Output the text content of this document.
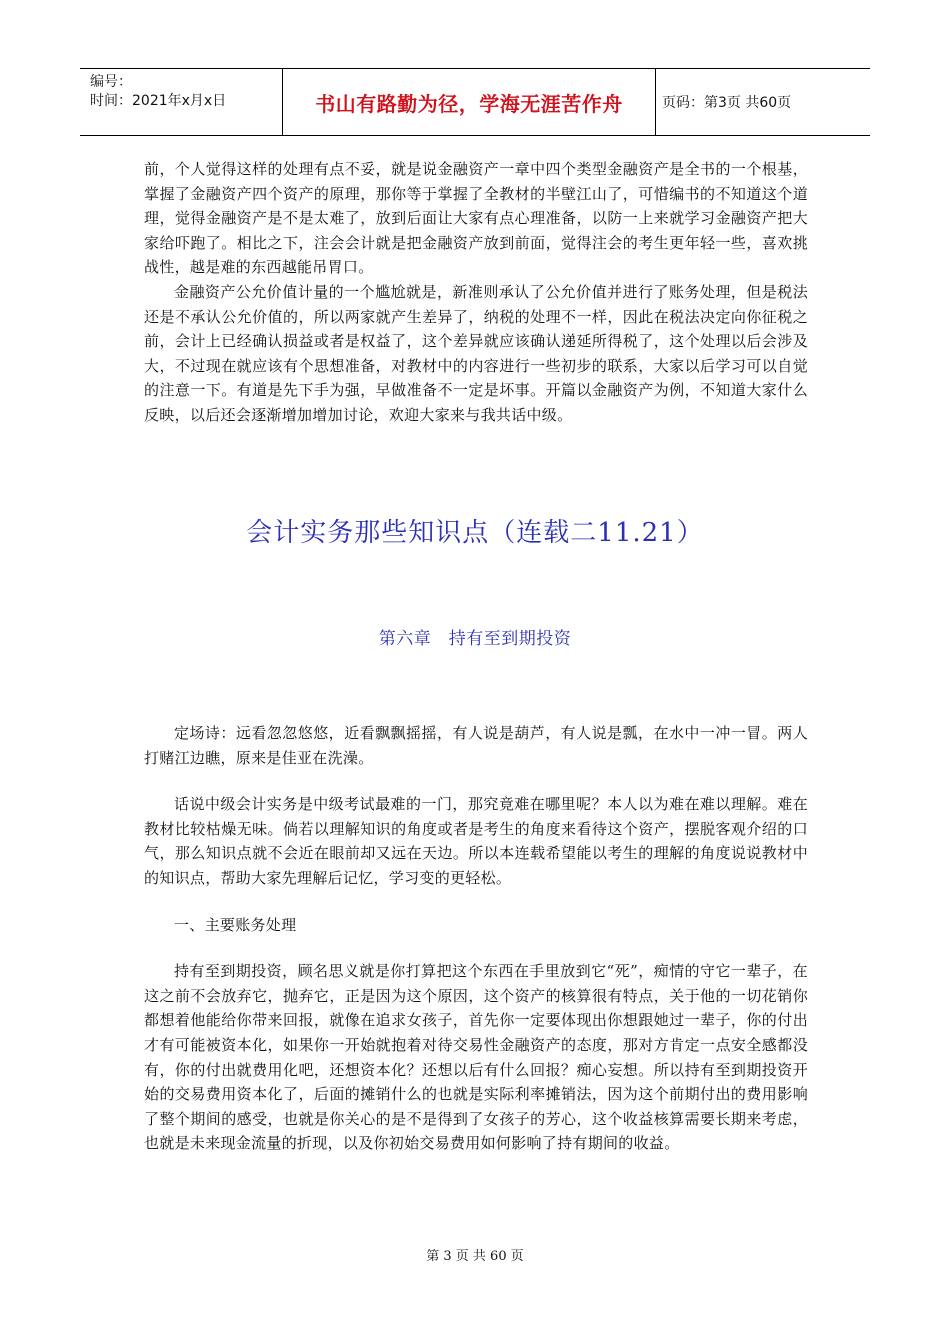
编号：
时间：2021年x月x日	书山有路勤为径，学海无涯苦作舟	页码：第3页 共60页

前，个人觉得这样的处理有点不妥，就是说金融资产一章中四个类型金融资产是全书的一个根基，掌握了金融资产四个资产的原理，那你等于掌握了全教材的半壁江山了，可惜编书的不知道这个道理，觉得金融资产是不是太难了，放到后面让大家有点心理准备，以防一上来就学习金融资产把大家给吓跑了。相比之下，注会会计就是把金融资产放到前面，觉得注会的考生更年轻一些，喜欢挑战性，越是难的东西越能吊胃口。

金融资产公允价值计量的一个尴尬就是，新准则承认了公允价值并进行了账务处理，但是税法还是不承认公允价值的，所以两家就产生差异了，纳税的处理不一样，因此在税法决定向你征税之前，会计上已经确认损益或者是权益了，这个差异就应该确认递延所得税了，这个处理以后会涉及大，不过现在就应该有个思想准备，对教材中的内容进行一些初步的联系，大家以后学习可以自觉的注意一下。有道是先下手为强，早做准备不一定是坏事。开篇以金融资产为例，不知道大家什么反映，以后还会逐渐增加增加讨论，欢迎大家来与我共话中级。

会计实务那些知识点（连载二11.21）
第六章　持有至到期投资

定场诗：远看忽忽悠悠，近看飘飘摇摇，有人说是葫芦，有人说是瓢，在水中一冲一冒。两人打赌江边瞧，原来是佳亚在洗澡。

话说中级会计实务是中级考试最难的一门，那究竟难在哪里呢？本人以为难在难以理解。难在教材比较枯燥无味。倘若以理解知识的角度或者是考生的角度来看待这个资产，摆脱客观介绍的口气，那么知识点就不会近在眼前却又远在天边。所以本连载希望能以考生的理解的角度说说教材中的知识点，帮助大家先理解后记忆，学习变的更轻松。

一、主要账务处理

持有至到期投资，顾名思义就是你打算把这个东西在手里放到它“死”，痴情的守它一辈子，在这之前不会放弃它，抛弃它，正是因为这个原因，这个资产的核算很有特点，关于他的一切花销你都想着他能给你带来回报，就像在追求女孩子，首先你一定要体现出你想跟她过一辈子，你的付出才有可能被资本化，如果你一开始就抱着对待交易性金融资产的态度，那对方肯定一点安全感都没有，你的付出就费用化吧，还想资本化？还想以后有什么回报？痴心妄想。所以持有至到期投资开始的交易费用资本化了，后面的摊销什么的也就是实际利率摊销法，因为这个前期付出的费用影响了整个期间的感受，也就是你关心的是不是得到了女孩子的芳心，这个收益核算需要长期来考虑，也就是未来现金流量的折现，以及你初始交易费用如何影响了持有期间的收益。

第 3 页 共 60 页
